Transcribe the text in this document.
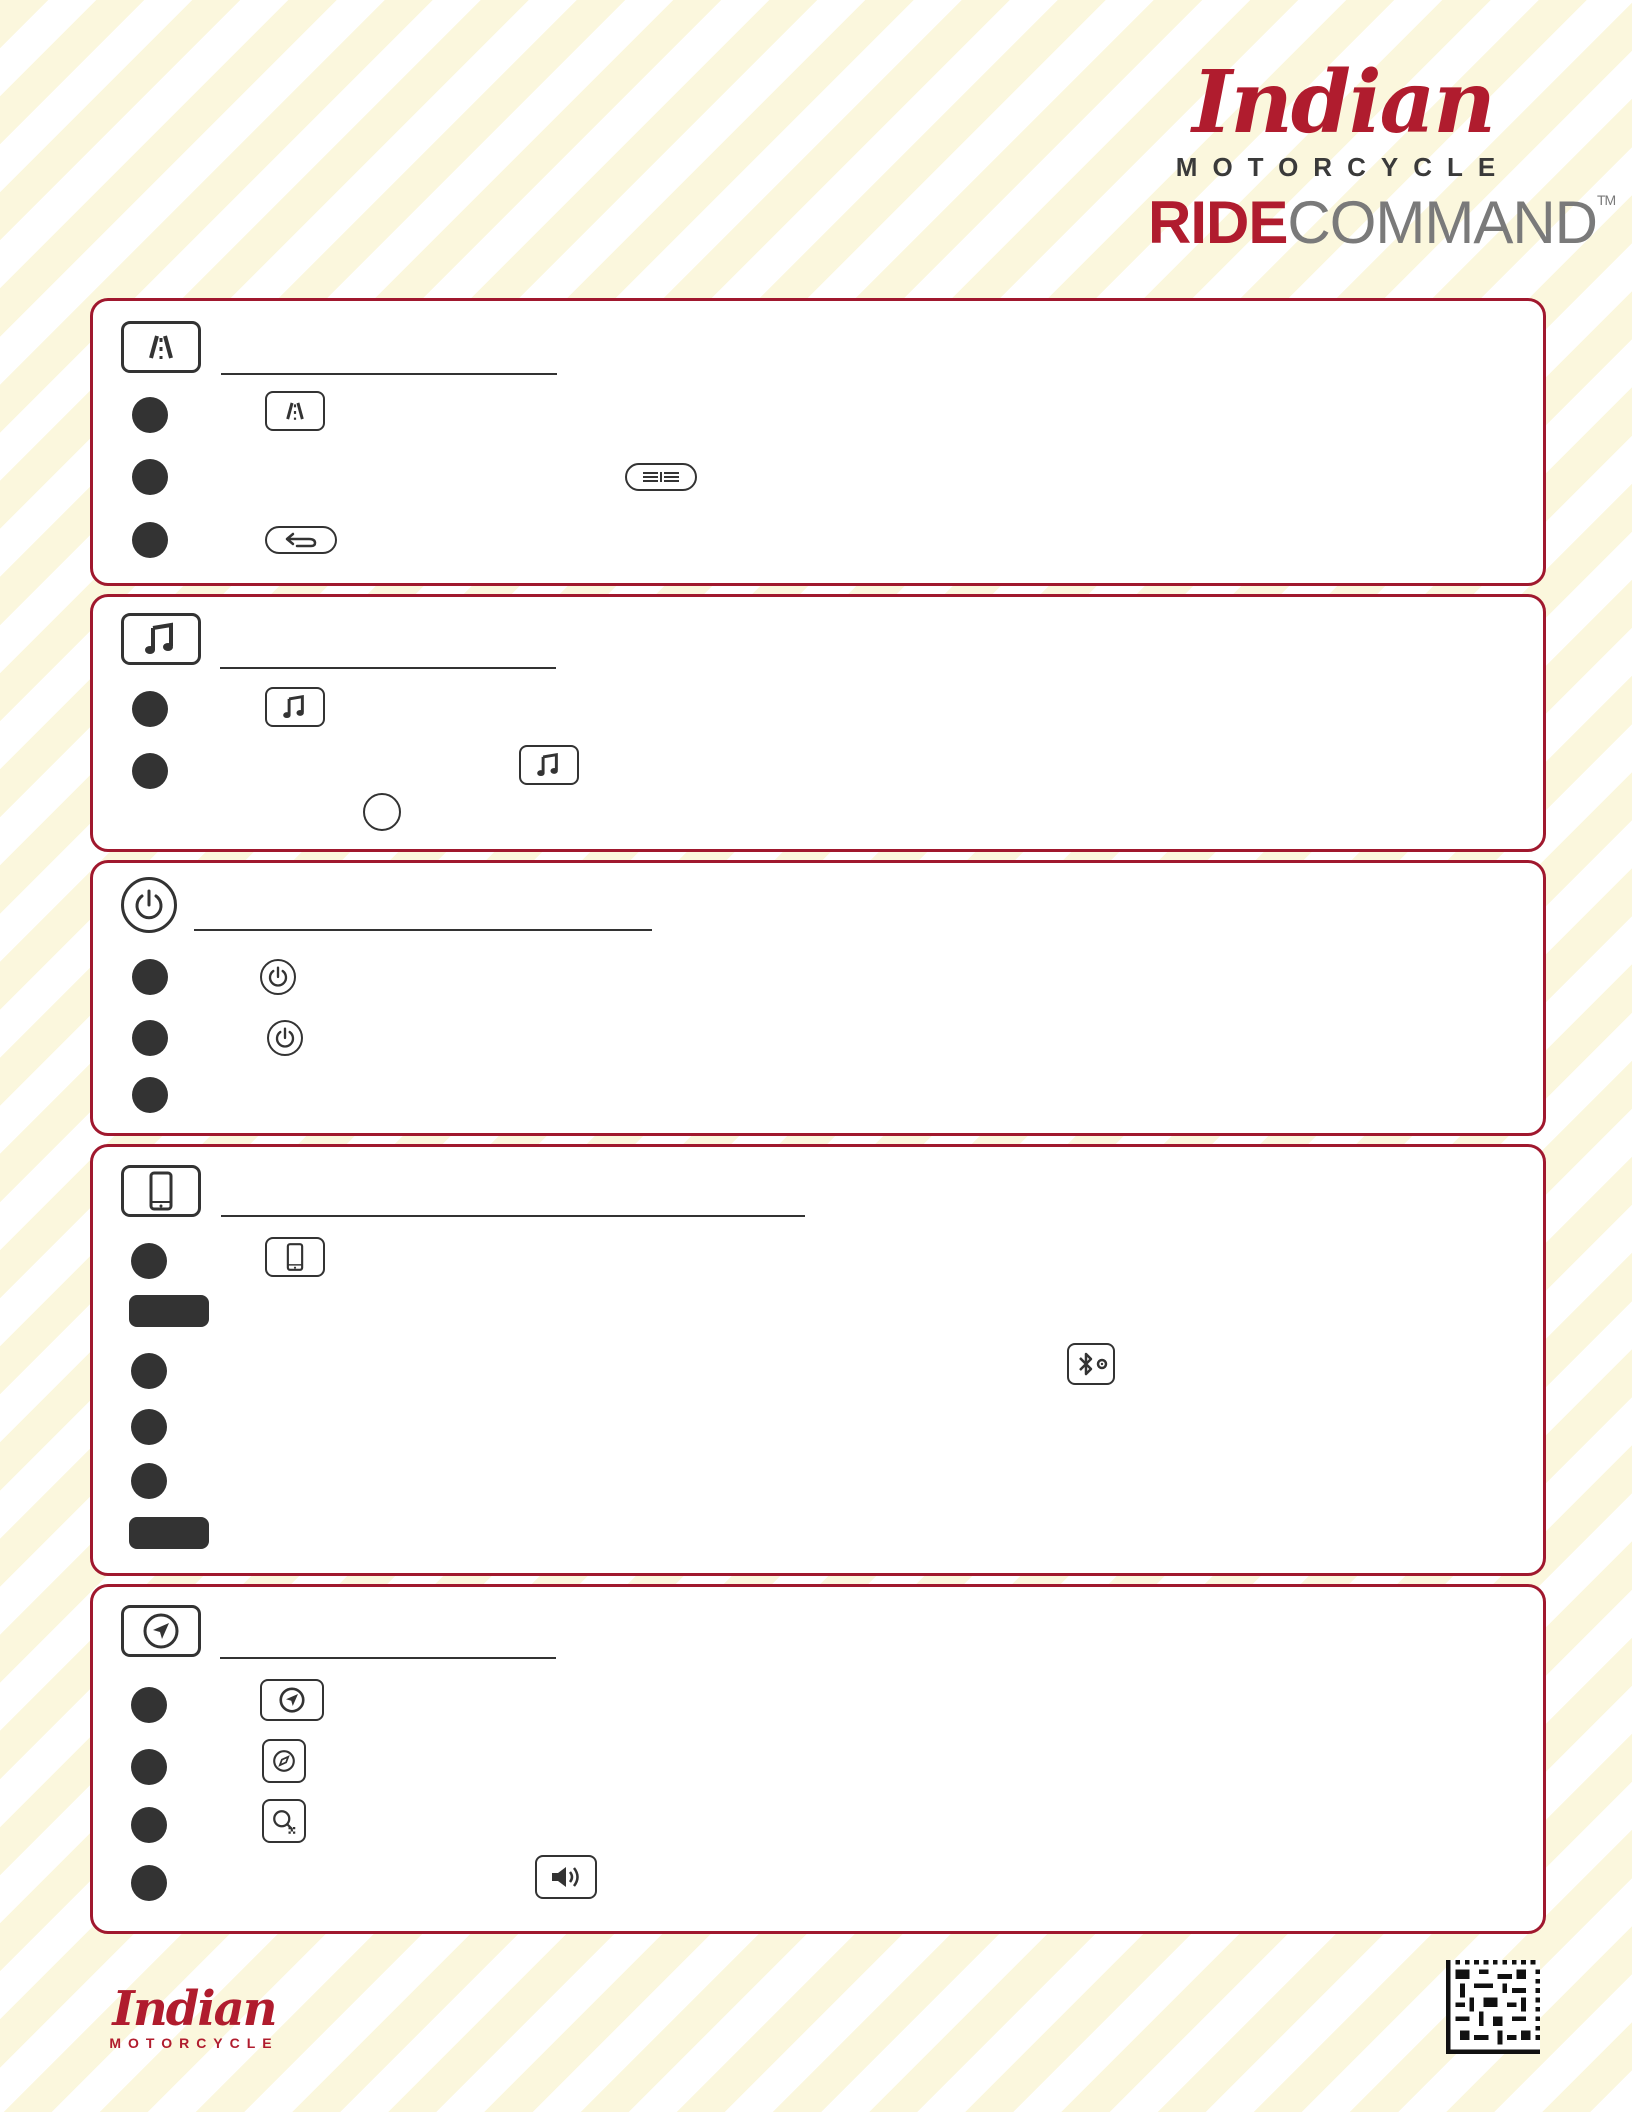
Indian
MOTORCYCLE
RIDECOMMAND™
Indian
MOTORCYCLE
